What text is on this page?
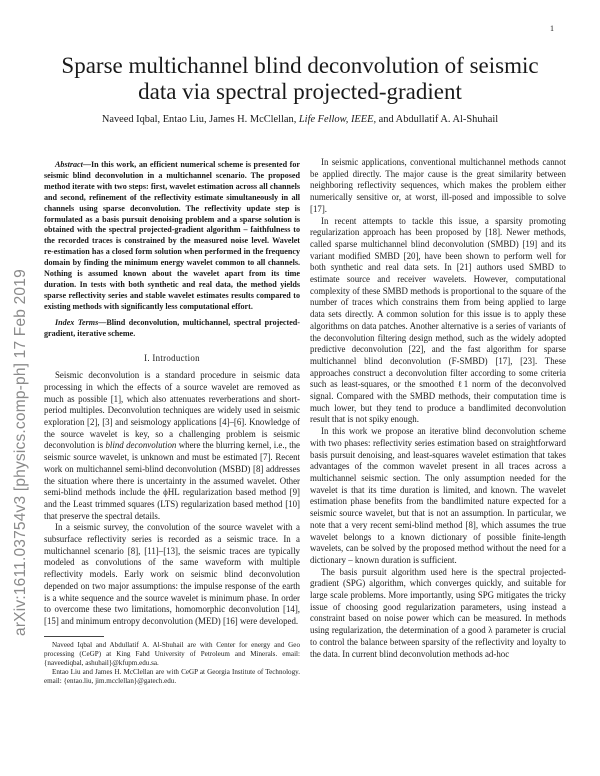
1
arXiv:1611.03754v3 [physics.comp-ph] 17 Feb 2019
Sparse multichannel blind deconvolution of seismic
data via spectral projected-gradient
Naveed Iqbal, Entao Liu, James H. McClellan, Life Fellow, IEEE, and Abdullatif A. Al-Shuhail

Abstract—In this work, an efficient numerical scheme is presented for seismic blind deconvolution in a multichannel scenario. The proposed method iterate with two steps: first, wavelet estimation across all channels and second, refinement of the reflectivity estimate simultaneously in all channels using sparse deconvolution. The reflectivity update step is formulated as a basis pursuit denoising problem and a sparse solution is obtained with the spectral projected-gradient algorithm – faithfulness to the recorded traces is constrained by the measured noise level. Wavelet re-estimation has a closed form solution when performed in the frequency domain by finding the minimum energy wavelet common to all channels. Nothing is assumed known about the wavelet apart from its time duration. In tests with both synthetic and real data, the method yields sparse reflectivity series and stable wavelet estimates results compared to existing methods with significantly less computational effort.

Index Terms—Blind deconvolution, multichannel, spectral projected-gradient, iterative scheme.

I. Introduction

Seismic deconvolution is a standard procedure in seismic data processing in which the effects of a source wavelet are removed as much as possible [1], which also attenuates reverberations and short-period multiples. Deconvolution techniques are widely used in seismic exploration [2], [3] and seismology applications [4]–[6]. Knowledge of the source wavelet is key, so a challenging problem is seismic deconvolution is blind deconvolution where the blurring kernel, i.e., the seismic source wavelet, is unknown and must be estimated [7]. Recent work on multichannel semi-blind deconvolution (MSBD) [8] addresses the situation where there is uncertainty in the assumed wavelet. Other semi-blind methods include the ϕHL regularization based method [9] and the Least trimmed squares (LTS) regularization based method [10] that preserve the spectral details.

In a seismic survey, the convolution of the source wavelet with a subsurface reflectivity series is recorded as a seismic trace. In a multichannel scenario [8], [11]–[13], the seismic traces are typically modeled as convolutions of the same waveform with multiple reflectivity models. Early work on seismic blind deconvolution depended on two major assumptions: the impulse response of the earth is a white sequence and the source wavelet is minimum phase. In order to overcome these two limitations, homomorphic deconvolution [14], [15] and minimum entropy deconvolution (MED) [16] were developed.

Naveed Iqbal and Abdullatif A. Al-Shuhail are with Center for energy and Geo processing (CeGP) at King Fahd University of Petroleum and Minerals. email: {naveediqbal, ashuhail}@kfupm.edu.sa.

Entao Liu and James H. McClellan are with CeGP at Georgia Institute of Technology. email: {entao.liu, jim.mcclellan}@gatech.edu.

In seismic applications, conventional multichannel methods cannot be applied directly. The major cause is the great similarity between neighboring reflectivity sequences, which makes the problem either numerically sensitive or, at worst, ill-posed and impossible to solve [17].

In recent attempts to tackle this issue, a sparsity promoting regularization approach has been proposed by [18]. Newer methods, called sparse multichannel blind deconvolution (SMBD) [19] and its variant modified SMBD [20], have been shown to perform well for both synthetic and real data sets. In [21] authors used SMBD to estimate source and receiver wavelets. However, computational complexity of these SMBD methods is proportional to the square of the number of traces which constrains them from being applied to large data sets directly. A common solution for this issue is to apply these algorithms on data patches. Another alternative is a series of variants of the deconvolution filtering design method, such as the widely adopted predictive deconvolution [22], and the fast algorithm for sparse multichannel blind deconvolution (F-SMBD) [17], [23]. These approaches construct a deconvolution filter according to some criteria such as least-squares, or the smoothed ℓ1 norm of the deconvolved signal. Compared with the SMBD methods, their computation time is much lower, but they tend to produce a bandlimited deconvolution result that is not spiky enough.

In this work we propose an iterative blind deconvolution scheme with two phases: reflectivity series estimation based on straightforward basis pursuit denoising, and least-squares wavelet estimation that takes advantages of the common wavelet present in all traces across a multichannel seismic section. The only assumption needed for the wavelet is that its time duration is limited, and known. The wavelet estimation phase benefits from the bandlimited nature expected for a seismic source wavelet, but that is not an assumption. In particular, we note that a very recent semi-blind method [8], which assumes the true wavelet belongs to a known dictionary of possible finite-length wavelets, can be solved by the proposed method without the need for a dictionary – known duration is sufficient.

The basis pursuit algorithm used here is the spectral projected-gradient (SPG) algorithm, which converges quickly, and suitable for large scale problems. More importantly, using SPG mitigates the tricky issue of choosing good regularization parameters, using instead a constraint based on noise power which can be measured. In methods using regularization, the determination of a good λ parameter is crucial to control the balance between sparsity of the reflectivity and loyalty to the data. In current blind deconvolution methods ad-hoc
